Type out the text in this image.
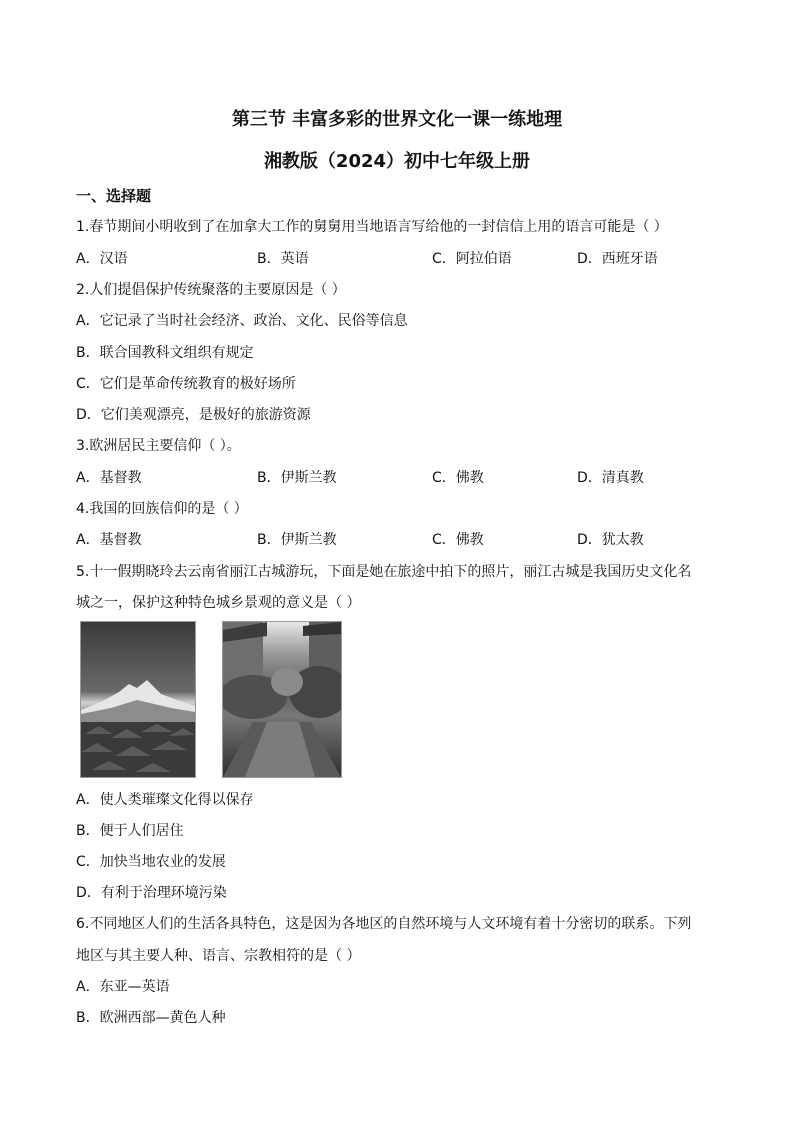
第三节 丰富多彩的世界文化一课一练地理
湘教版（2024）初中七年级上册
一、选择题
1.春节期间小明收到了在加拿大工作的舅舅用当地语言写给他的一封信信上用的语言可能是（ ）
A．汉语	B．英语	C．阿拉伯语	D．西班牙语
2.人们提倡保护传统聚落的主要原因是（ ）
A．它记录了当时社会经济、政治、文化、民俗等信息
B．联合国教科文组织有规定
C．它们是革命传统教育的极好场所
D．它们美观漂亮，是极好的旅游资源
3.欧洲居民主要信仰（ ）。
A．基督教	B．伊斯兰教	C．佛教	D．清真教
4.我国的回族信仰的是（ ）
A．基督教	B．伊斯兰教	C．佛教	D．犹太教
5.十一假期晓玲去云南省丽江古城游玩，下面是她在旅途中拍下的照片，丽江古城是我国历史文化名
城之一，保护这种特色城乡景观的意义是（ ）
A．使人类璀璨文化得以保存
B．便于人们居住
C．加快当地农业的发展
D．有利于治理环境污染
6.不同地区人们的生活各具特色，这是因为各地区的自然环境与人文环境有着十分密切的联系。下列
地区与其主要人种、语言、宗教相符的是（ ）
A．东亚—英语
B．欧洲西部—黄色人种
